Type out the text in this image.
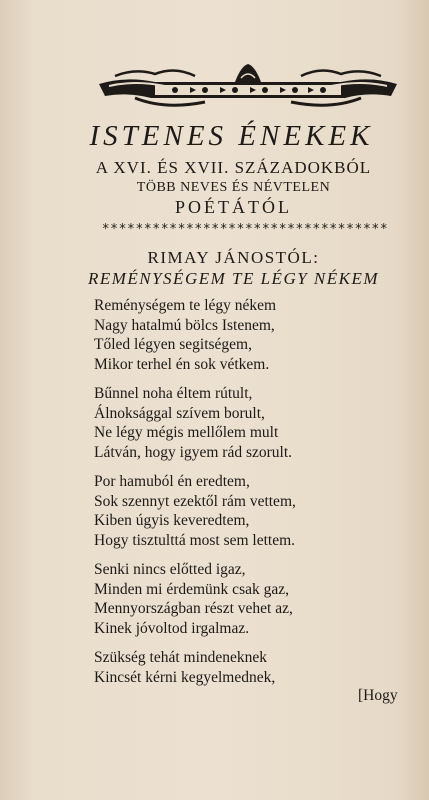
ISTENES ÉNEKEK
A XVI. ÉS XVII. SZÁZADOKBÓL
TÖBB NEVES ÉS NÉVTELEN
POÉTÁTÓL
**********************************
RIMAY JÁNOSTÓL:
REMÉNYSÉGEM TE LÉGY NÉKEM
Reménységem te légy nékem
Nagy hatalmú bölcs Istenem,
Tőled légyen segitségem,
Mikor terhel én sok vétkem.
Bűnnel noha éltem rútult,
Álnoksággal szívem borult,
Ne légy mégis mellőlem mult
Látván, hogy igyem rád szorult.
Por hamuból én eredtem,
Sok szennyt ezektől rám vettem,
Kiben úgyis keveredtem,
Hogy tisztulttá most sem lettem.
Senki nincs előtted igaz,
Minden mi érdemünk csak gaz,
Mennyországban részt vehet az,
Kinek jóvoltod irgalmaz.
Szükség tehát mindeneknek
Kincsét kérni kegyelmednek,
[Hogy
